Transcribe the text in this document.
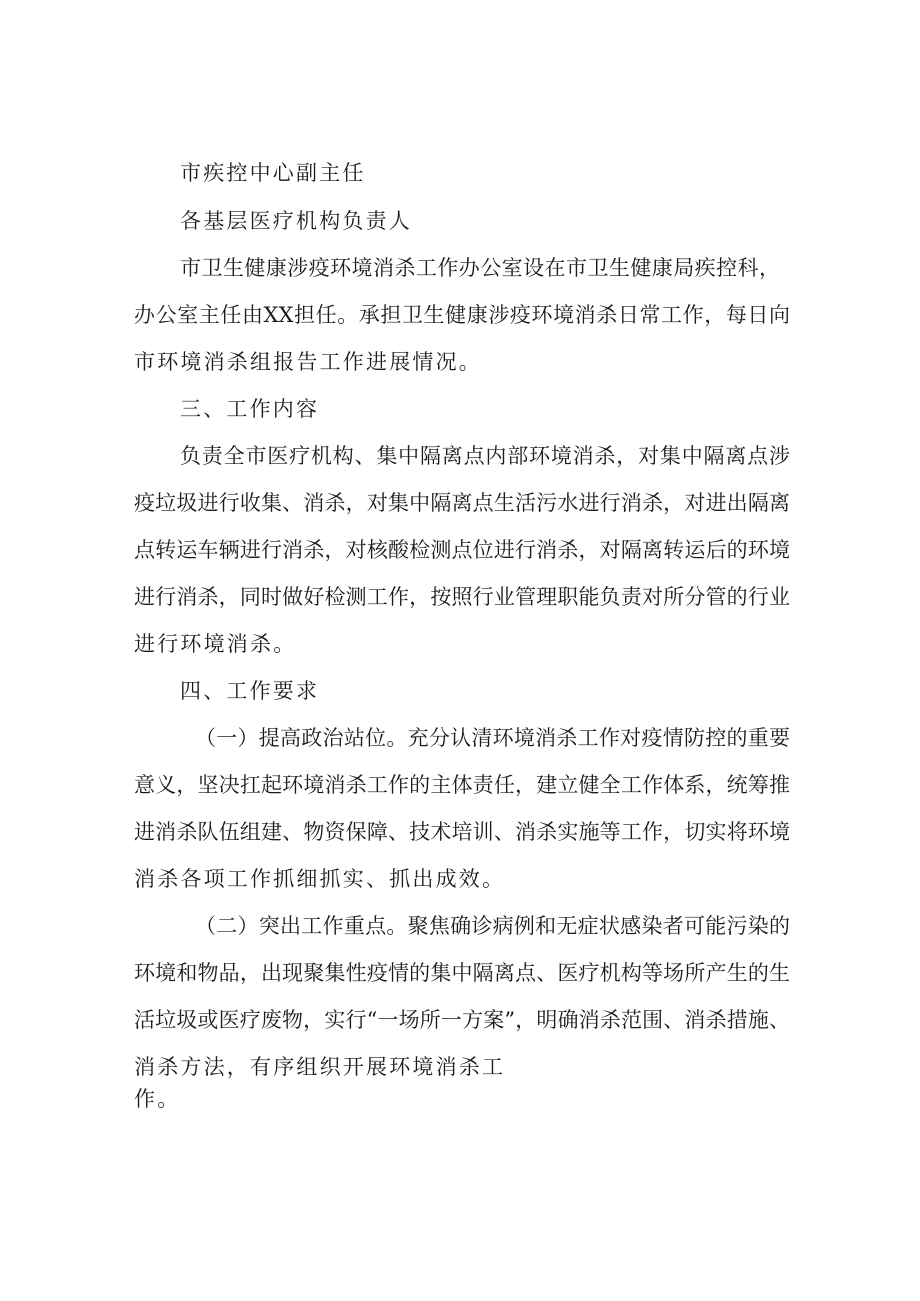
市疾控中心副主任
各基层医疗机构负责人
市卫生健康涉疫环境消杀工作办公室设在市卫生健康局疾控科，
办公室主任由XX担任。承担卫生健康涉疫环境消杀日常工作，每日向
市环境消杀组报告工作进展情况。
三、工作内容
负责全市医疗机构、集中隔离点内部环境消杀，对集中隔离点涉
疫垃圾进行收集、消杀，对集中隔离点生活污水进行消杀，对进出隔离
点转运车辆进行消杀，对核酸检测点位进行消杀，对隔离转运后的环境
进行消杀，同时做好检测工作，按照行业管理职能负责对所分管的行业
进行环境消杀。
四、工作要求
（一）提高政治站位。充分认清环境消杀工作对疫情防控的重要
意义，坚决扛起环境消杀工作的主体责任，建立健全工作体系，统筹推
进消杀队伍组建、物资保障、技术培训、消杀实施等工作，切实将环境
消杀各项工作抓细抓实、抓出成效。
（二）突出工作重点。聚焦确诊病例和无症状感染者可能污染的
环境和物品，出现聚集性疫情的集中隔离点、医疗机构等场所产生的生
活垃圾或医疗废物，实行“一场所一方案”，明确消杀范围、消杀措施、
消杀方法，有序组织开展环境消杀工
作。
